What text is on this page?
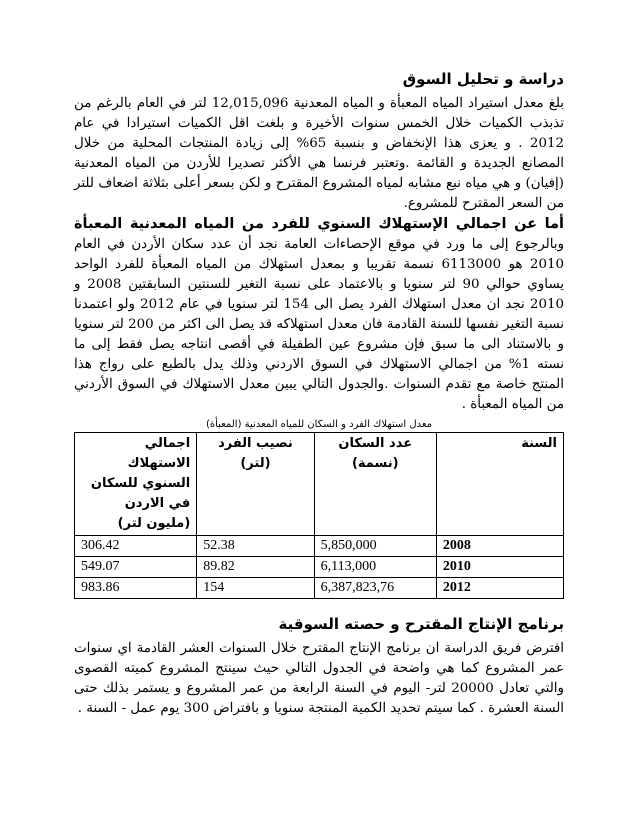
دراسة و تحليل السوق

بلغ معدل استيراد المياه المعبأة و المياه المعدنية 12,015,096 لتر في العام بالرغم من تذبذب الكميات خلال الخمس سنوات الأخيرة و بلغت اقل الكميات استيرادا في عام 2012 . و يعزى هذا الإنخفاض و بنسبة 65% إلى زيادة المنتجات المحلية من خلال المصانع الجديدة و القائمة .وتعتبر فرنسا هي الأكثر تصديرا للأردن من المياه المعدنية (إفيان) و هي مياه نبع مشابه لمياه المشروع المقترح و لكن بسعر أعلى بثلاثة اضعاف للتر من السعر المقترح للمشروع.

أما عن اجمالي الإستهلاك السنوي للفرد من المياه المعدنية المعبأة وبالرجوع إلى ما ورد في موقع الإحصاءات العامة نجد أن عدد سكان الأردن في العام 2010 هو 6113000 نسمة تقريبا و بمعدل استهلاك من المياه المعبأة للفرد الواحد يساوي حوالي 90 لتر سنويا و بالاعتماد على نسبة التغير للسنتين السابقتين 2008 و 2010 نجد ان معدل استهلاك الفرد يصل الى 154 لتر سنويا في عام 2012 ولو اعتمدنا نسبة التغير نفسها للسنة القادمة فان معدل استهلاكه قد يصل الى اكثر من 200 لتر سنويا و بالاستناد الى ما سبق فإن مشروع عين الطفيلة في أقصى انتاجه يصل فقط إلى ما نسته 1% من اجمالي الاستهلاك في السوق الاردني وذلك يدل بالطبع على رواج هذا المنتج خاصة مع تقدم السنوات .والجدول التالي يبين معدل الاستهلاك في السوق الأردني من المياه المعبأة .

معدل استهلاك الفرد و السكان للمياه المعدنية (المعبأة)
السنة	عدد السكان (نسمة)	نصيب الفرد (لتر)	اجمالي الاستهلاك السنوي للسكان في الاردن (مليون لتر)
2008	5,850,000	52.38	306.42
2010	6,113,000	89.82	549.07
2012	6,387,823,76	154	983.86
برنامج الإنتاج المقترح و حصته السوقية

افترض فريق الدراسة ان برنامج الإنتاج المقترح خلال السنوات العشر القادمة اي سنوات عمر المشروع كما هي واضحة في الجدول التالي حيث سينتج المشروع كميته القصوى والتي تعادل 20000 لتر- اليوم في السنة الرابعة من عمر المشروع و يستمر بذلك حتى السنة العشرة . كما سيتم تحديد الكمية المنتجة سنويا و بافتراض 300 يوم عمل - السنة .
